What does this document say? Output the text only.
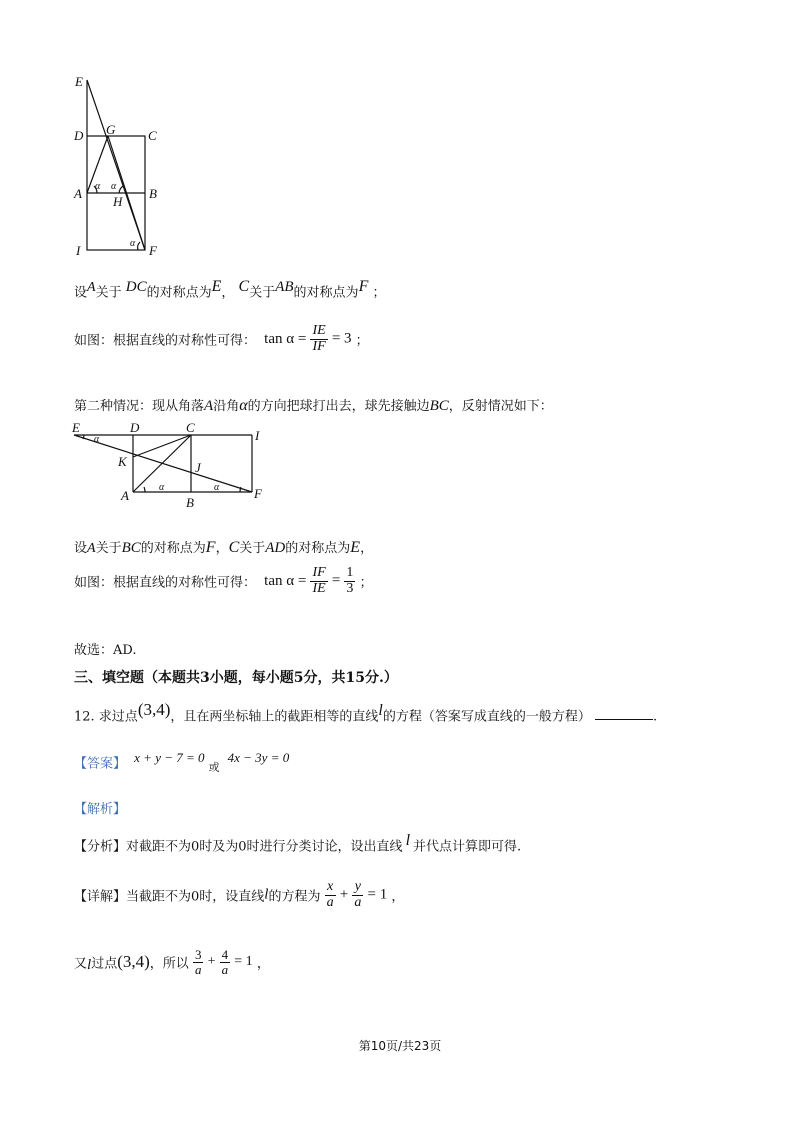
E
D G	C
A	B
H
I	F
α α
α
设$^A$关于 $^{DC}$的对称点为$^E$， $^C$关于$^{AB}$的对称点为$^F$ ；
如图：根据直线的对称性可得： $\tan \alpha = \frac{IE}{IF} = 3$ ；
第二种情况：现从角落A沿角α的方向把球打出去，球先接触边BC，反射情况如下：
E	D	C
I
K	J
A	B
F
α
α	α
设A关于BC的对称点为F，C关于AD的对称点为E，
如图：根据直线的对称性可得： $\tan \alpha = \frac{IF}{IE} = \frac{1}{3}$ ；
故选：AD.
三、填空题（本题共3小题，每小题5分，共15分.）
12. 求过点$^{(3,4)}$，且在两坐标轴上的截距相等的直线$^l$的方程（答案写成直线的一般方程）	.
【答案】 $^{x + y - 7 = 0}$ $_或$ $^{4x - 3y = 0}$
【解析】
【分析】对截距不为0时及为0时进行分类讨论，设出直线 $^l$ 并代点计算即可得.
【详解】当截距不为0时，设直线l的方程为 $\frac{x}{a} + \frac{y}{a} = 1$ ，
又$_l$过点(3,4)，所以 $\frac{3}{a} + \frac{4}{a} = 1$ ，
第10页/共23页
